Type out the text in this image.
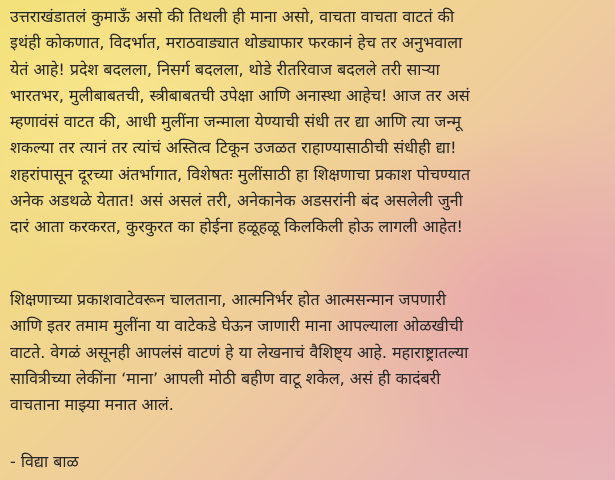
उत्तराखंडातलं कुमाऊँ असो की तिथली ही माना असो, वाचता वाचता वाटतं की
इथंही कोकणात, विदर्भात, मराठवाड्यात थोड्याफार फरकानं हेच तर अनुभवाला
येतं आहे! प्रदेश बदलला, निसर्ग बदलला, थोडे रीतरिवाज बदलले तरी साऱ्या
भारतभर, मुलीबाबतची, स्त्रीबाबतची उपेक्षा आणि अनास्था आहेच! आज तर असं
म्हणावंसं वाटत की, आधी मुलींना जन्माला येण्याची संधी तर द्या आणि त्या जन्मू
शकल्या तर त्यानं तर त्यांचं अस्तित्व टिकून उजळत राहाण्यासाठीची संधीही द्या!
शहरांपासून दूरच्या अंतर्भागात, विशेषतः मुलींसाठी हा शिक्षणाचा प्रकाश पोचण्यात
अनेक अडथळे येतात! असं असलं तरी, अनेकानेक अडसरांनी बंद असलेली जुनी
दारं आता करकरत, कुरकुरत का होईना हळूहळू किलकिली होऊ लागली आहेत!
शिक्षणाच्या प्रकाशवाटेवरून चालताना, आत्मनिर्भर होत आत्मसन्मान जपणारी
आणि इतर तमाम मुलींना या वाटेकडे घेऊन जाणारी माना आपल्याला ओळखीची
वाटते. वेगळं असूनही आपलंसं वाटणं हे या लेखनाचं वैशिष्ट्य आहे. महाराष्ट्रातल्या
सावित्रीच्या लेकींना ‘माना’ आपली मोठी बहीण वाटू शकेल, असं ही कादंबरी
वाचताना माझ्या मनात आलं.
- विद्या बाळ
